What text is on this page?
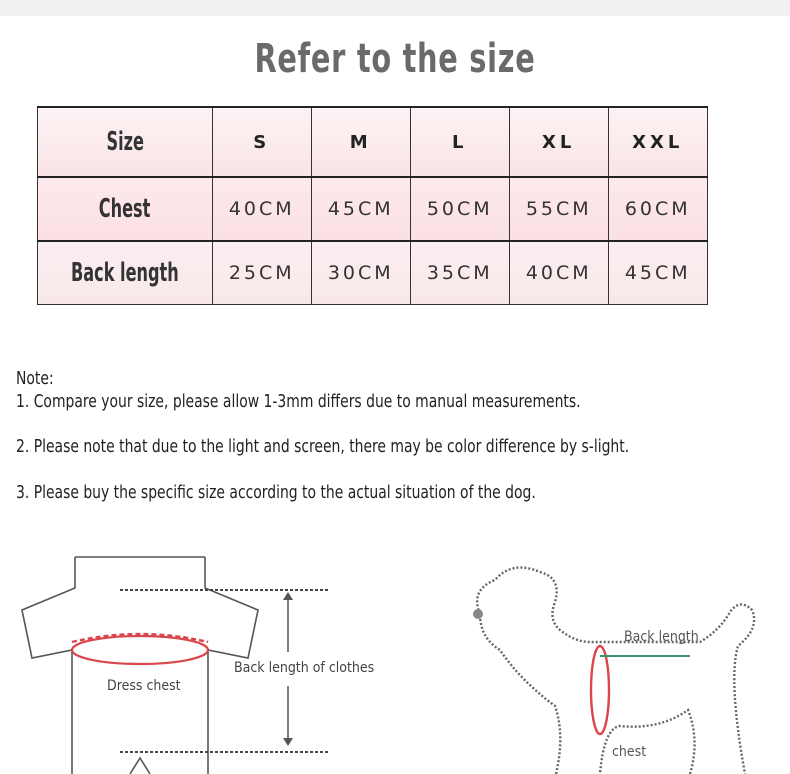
Refer to the size
Size	S	M	L	XL	XXL
Chest	40CM	45CM	50CM	55CM	60CM
Back length	25CM	30CM	35CM	40CM	45CM
Note:
1. Compare your size, please allow 1-3mm differs due to manual measurements.
2. Please note that due to the light and screen, there may be color difference by s-light.
3. Please buy the specific size according to the actual situation of the dog.
Back length of clothes
Dress chest
Back length
chest
